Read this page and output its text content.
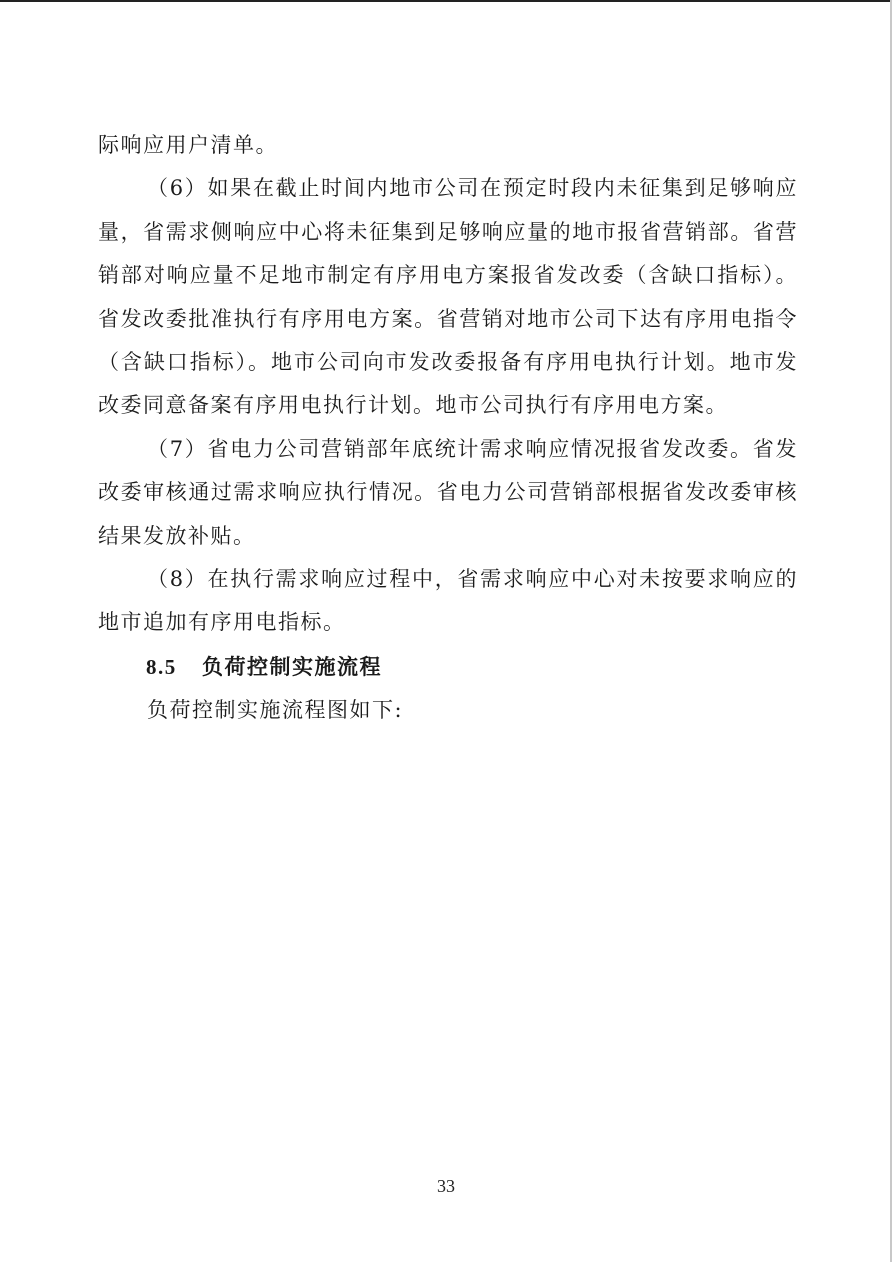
际响应用户清单。

（6）如果在截止时间内地市公司在预定时段内未征集到足够响应量，省需求侧响应中心将未征集到足够响应量的地市报省营销部。省营销部对响应量不足地市制定有序用电方案报省发改委（含缺口指标）。省发改委批准执行有序用电方案。省营销对地市公司下达有序用电指令（含缺口指标）。地市公司向市发改委报备有序用电执行计划。地市发改委同意备案有序用电执行计划。地市公司执行有序用电方案。

（7）省电力公司营销部年底统计需求响应情况报省发改委。省发改委审核通过需求响应执行情况。省电力公司营销部根据省发改委审核结果发放补贴。

（8）在执行需求响应过程中，省需求响应中心对未按要求响应的地市追加有序用电指标。

8.5 负荷控制实施流程

负荷控制实施流程图如下:

33
